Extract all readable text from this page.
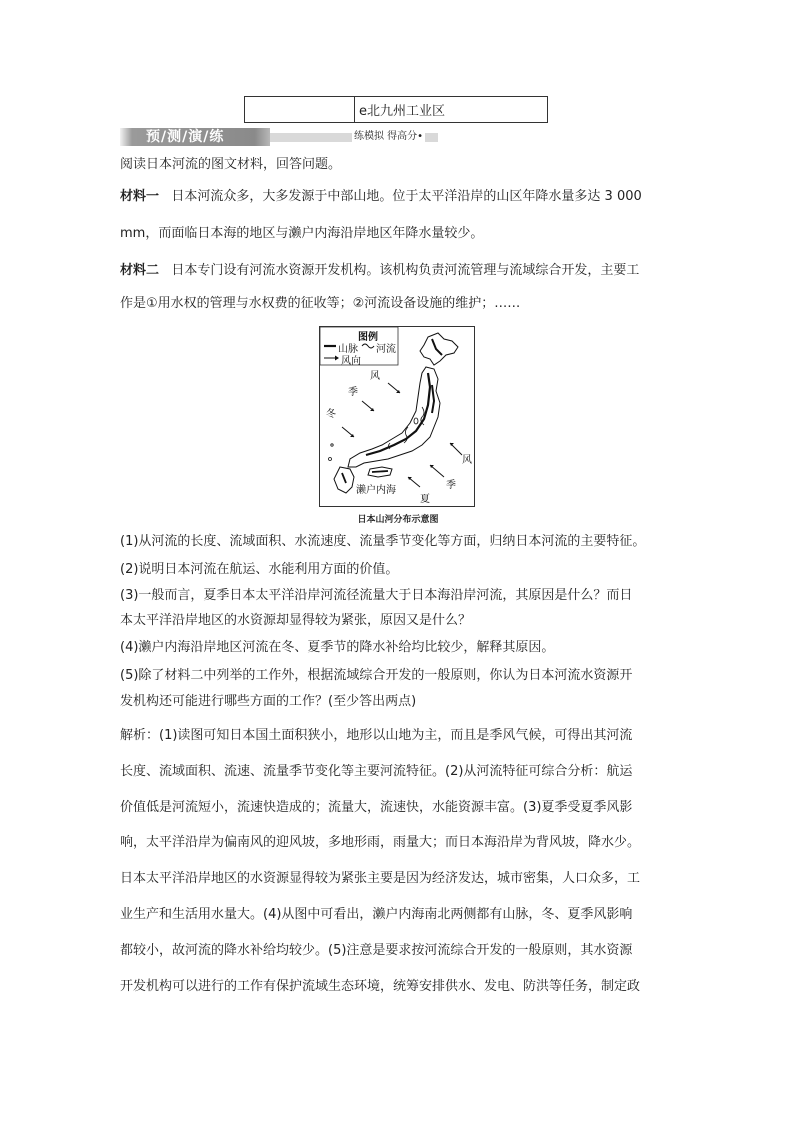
e北九州工业区
预/测/演/练	练模拟 得高分•
阅读日本河流的图文材料，回答问题。
材料一 日本河流众多，大多发源于中部山地。位于太平洋沿岸的山区年降水量多达 3 000
mm，而面临日本海的地区与濑户内海沿岸地区年降水量较少。
材料二 日本专门设有河流水资源开发机构。该机构负责河流管理与流域综合开发，主要工
作是①用水权的管理与水权费的征收等；②河流设备设施的维护；……
图例
山脉 河流
风向
风
季
冬
风
季
夏
濑户内海
日本山河分布示意图
(1)从河流的长度、流域面积、水流速度、流量季节变化等方面，归纳日本河流的主要特征。
(2)说明日本河流在航运、水能利用方面的价值。
(3)一般而言，夏季日本太平洋沿岸河流径流量大于日本海沿岸河流，其原因是什么？而日
本太平洋沿岸地区的水资源却显得较为紧张，原因又是什么？
(4)濑户内海沿岸地区河流在冬、夏季节的降水补给均比较少，解释其原因。
(5)除了材料二中列举的工作外，根据流域综合开发的一般原则，你认为日本河流水资源开
发机构还可能进行哪些方面的工作？(至少答出两点)
解析：(1)读图可知日本国土面积狭小，地形以山地为主，而且是季风气候，可得出其河流
长度、流域面积、流速、流量季节变化等主要河流特征。(2)从河流特征可综合分析：航运
价值低是河流短小，流速快造成的；流量大，流速快，水能资源丰富。(3)夏季受夏季风影
响，太平洋沿岸为偏南风的迎风坡，多地形雨，雨量大；而日本海沿岸为背风坡，降水少。
日本太平洋沿岸地区的水资源显得较为紧张主要是因为经济发达，城市密集，人口众多，工
业生产和生活用水量大。(4)从图中可看出，濑户内海南北两侧都有山脉，冬、夏季风影响
都较小，故河流的降水补给均较少。(5)注意是要求按河流综合开发的一般原则，其水资源
开发机构可以进行的工作有保护流域生态环境，统筹安排供水、发电、防洪等任务，制定政
